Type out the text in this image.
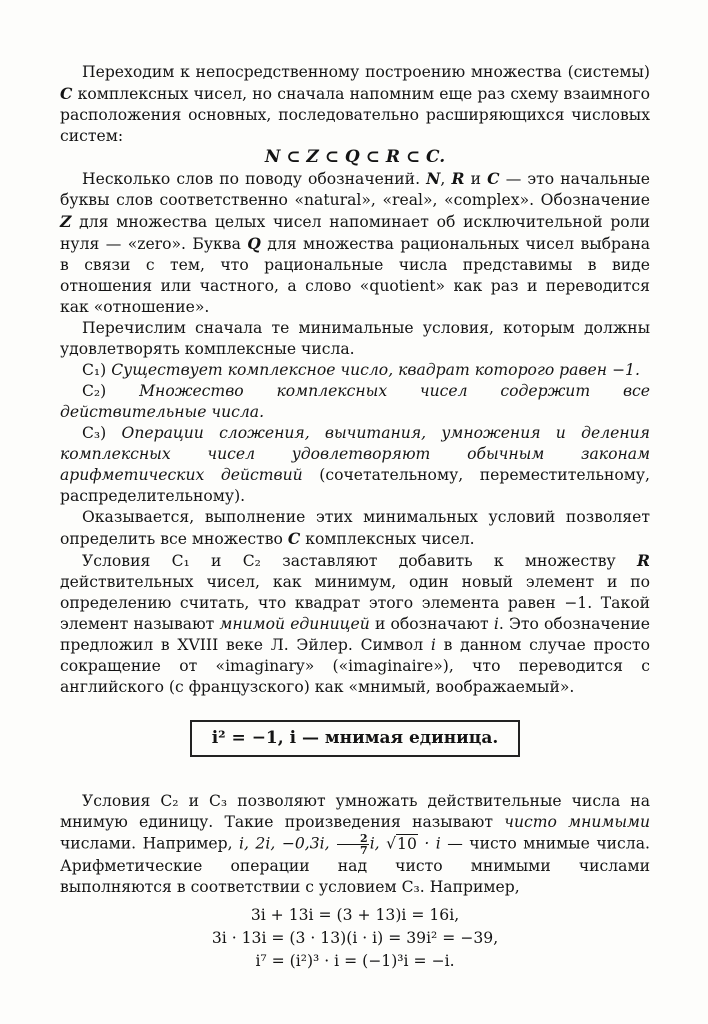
Переходим к непосредственному построению множества (системы) C комплексных чисел, но сначала напомним еще раз схему взаимного расположения основных, последовательно расширяющихся числовых систем:

N ⊂ Z ⊂ Q ⊂ R ⊂ C.

Несколько слов по поводу обозначений. N, R и C — это начальные буквы слов соответственно «natural», «real», «complex». Обозначение Z для множества целых чисел напоминает об исключительной роли нуля — «zero». Буква Q для множества рациональных чисел выбрана в связи с тем, что рациональные числа представимы в виде отношения или частного, а слово «quotient» как раз и переводится как «отношение».

Перечислим сначала те минимальные условия, которым должны удовлетворять комплексные числа.

C₁) Существует комплексное число, квадрат которого равен −1.

C₂) Множество комплексных чисел содержит все действительные числа.

C₃) Операции сложения, вычитания, умножения и деления комплексных чисел удовлетворяют обычным законам арифметических действий (сочетательному, переместительному, распределительному).

Оказывается, выполнение этих минимальных условий позволяет определить все множество C комплексных чисел.

Условия C₁ и C₂ заставляют добавить к множеству R действительных чисел, как минимум, один новый элемент и по определению считать, что квадрат этого элемента равен −1. Такой элемент называют мнимой единицей и обозначают i. Это обозначение предложил в XVIII веке Л. Эйлер. Символ i в данном случае просто сокращение от «imaginary» («imaginaire»), что переводится с английского (с французского) как «мнимый, воображаемый».

i² = −1, i — мнимая единица.

Условия C₂ и C₃ позволяют умножать действительные числа на мнимую единицу. Такие произведения называют чисто мнимыми числами. Например, i, 2i, −0,3i, $\frac{2}{7} i$, √10 · i — чисто мнимые числа. Арифметические операции над чисто мнимыми числами выполняются в соответствии с условием C₃. Например,

3i + 13i = (3 + 13)i = 16i,
3i · 13i = (3 · 13)(i · i) = 39i² = −39,
i⁷ = (i²)³ · i = (−1)³i = −i.
